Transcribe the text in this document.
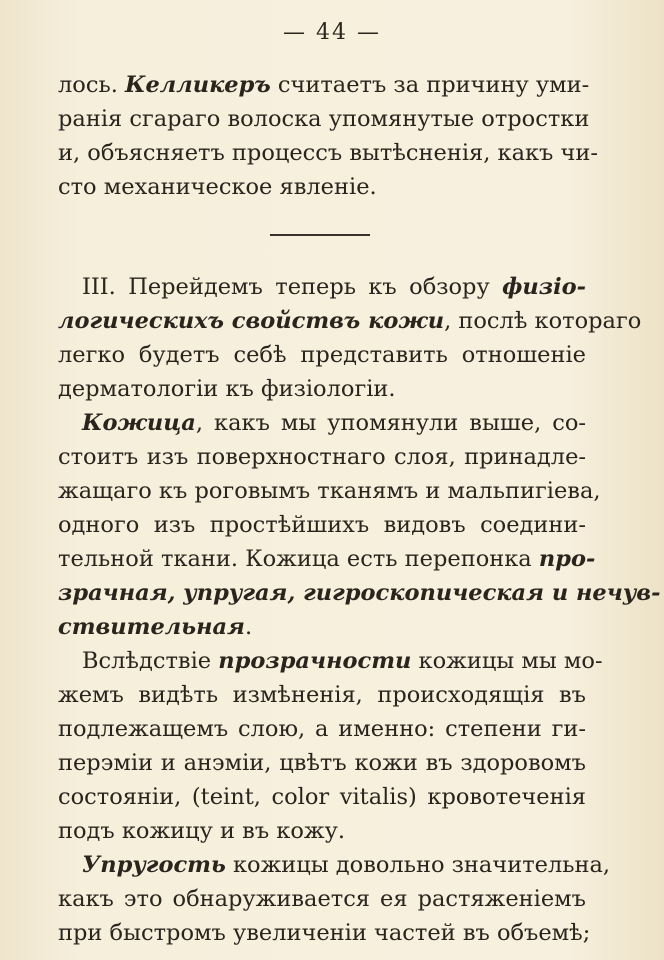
— 44 —
лось. Келликеръ считаетъ за причину уми-
ранія сгараго волоска упомянутые отростки
и, объясняетъ процессъ вытѣсненія, какъ чи-
сто механическое явленіе.
III. Перейдемъ теперь къ обзору физіо-
логическихъ свойствъ кожи, послѣ котораго
легко будетъ себѣ представить отношеніе
дерматологіи къ физіологіи.
Кожица, какъ мы упомянули выше, со-
стоитъ изъ поверхностнаго слоя, принадле-
жащаго къ роговымъ тканямъ и мальпигіева,
одного изъ простѣйшихъ видовъ соедини-
тельной ткани. Кожица есть перепонка про-
зрачная, упругая, гигроскопическая и нечув-
ствительная.
Вслѣдствіе прозрачности кожицы мы мо-
жемъ видѣть измѣненія, происходящія въ
подлежащемъ слою, а именно: степени ги-
перэміи и анэміи, цвѣтъ кожи въ здоровомъ
состояніи, (teint, color vitalis) кровотеченія
подъ кожицу и въ кожу.
Упругость кожицы довольно значительна,
какъ это обнаруживается ея растяженіемъ
при быстромъ увеличеніи частей въ объемѣ;
